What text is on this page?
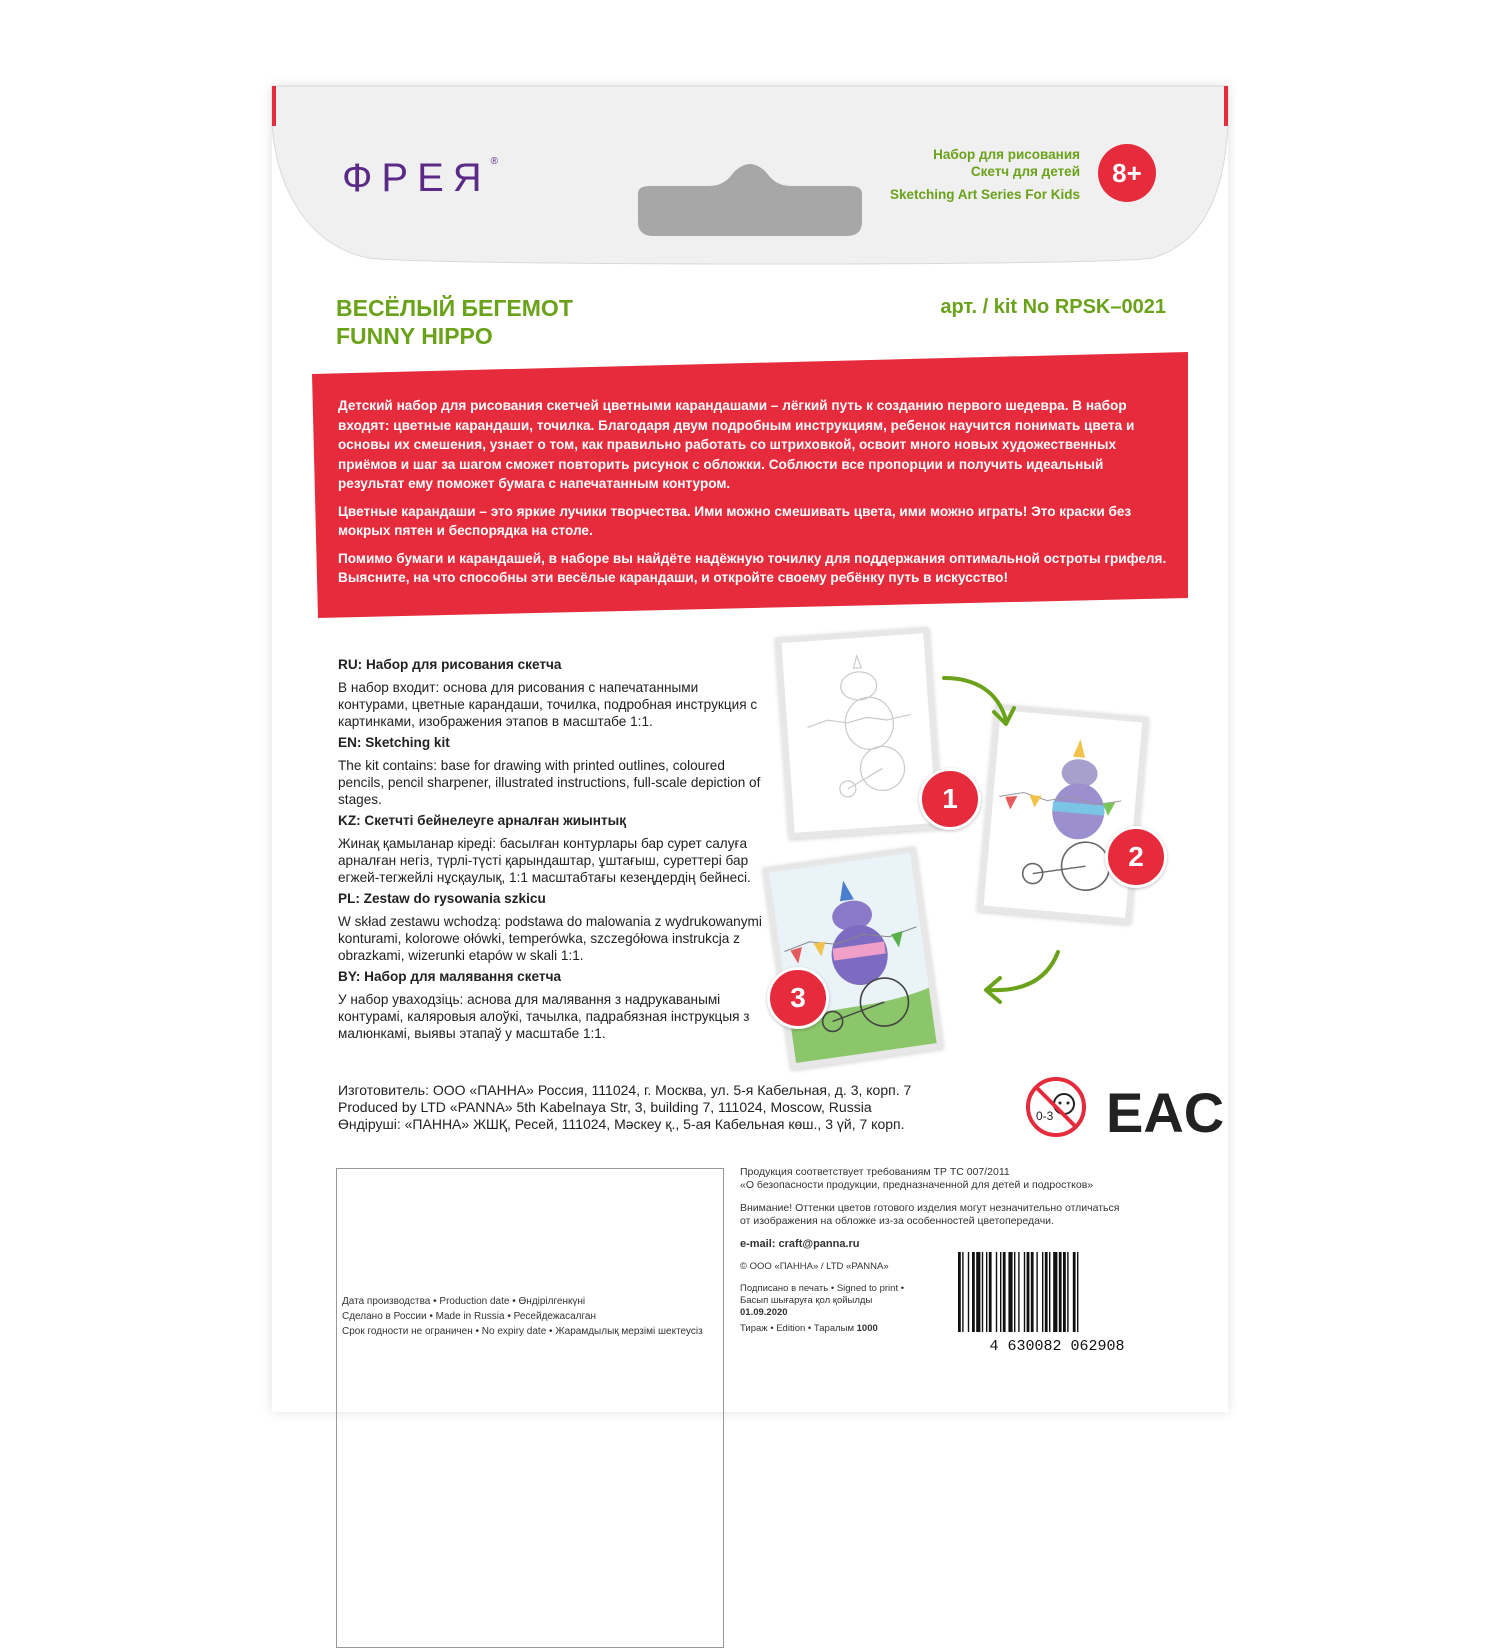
ФРЕЯ®	Набор для рисования
Скетч для детей
Sketching Art Series For Kids
8+
ВЕСЁЛЫЙ БЕГЕМОТ
FUNNY HIPPO
арт. / kit No RPSK–0021

Детский набор для рисования скетчей цветными карандашами – лёгкий путь к созданию первого шедевра. В набор входят: цветные карандаши, точилка. Благодаря двум подробным инструкциям, ребенок научится понимать цвета и основы их смешения, узнает о том, как правильно работать со штриховкой, освоит много новых художественных приёмов и шаг за шагом сможет повторить рисунок с обложки. Соблюсти все пропорции и получить идеальный результат ему поможет бумага с напечатанным контуром.

Цветные карандаши – это яркие лучики творчества. Ими можно смешивать цвета, ими можно играть! Это краски без мокрых пятен и беспорядка на столе.

Помимо бумаги и карандашей, в наборе вы найдёте надёжную точилку для поддержания оптимальной остроты грифеля. Выясните, на что способны эти весёлые карандаши, и откройте своему ребёнку путь в искусство!

RU: Набор для рисования скетча

В набор входит: основа для рисования с напечатанными контурами, цветные карандаши, точилка, подробная инструкция с картинками, изображения этапов в масштабе 1:1.

EN: Sketching kit

The kit contains: base for drawing with printed outlines, coloured pencils, pencil sharpener, illustrated instructions, full-scale depiction of stages.

KZ: Скетчті бейнелеуге арналған жиынтық

Жинақ қамыланар кіреді: басылған контурлары бар сурет салуға арналған негіз, түрлі-түсті қарындаштар, ұштағыш, суреттері бар егжей-тегжейлі нұсқаулық, 1:1 масштабтағы кезеңдердің бейнесі.

PL: Zestaw do rysowania szkicu

W skład zestawu wchodzą: podstawa do malowania z wydrukowanymi konturami, kolorowe ołówki, temperówka, szczegółowa instrukcja z obrazkami, wizerunki etapów w skali 1:1.

BY: Набор для малявання скетча

У набор уваходзіць: аснова для малявання з надрукаванымі контурамі, каляровыя алоўкі, тачылка, падрабязная інструкцыя з малюнкамі, выявы этапаў у масштабе 1:1.

1
2
3
Изготовитель: ООО «ПАННА» Россия, 111024, г. Москва, ул. 5-я Кабельная, д. 3, корп. 7
Produced by LTD «PANNA» 5th Kabelnaya Str, 3, building 7, 111024, Moscow, Russia
Өндіруші: «ПАННА» ЖШҚ, Ресей, 111024, Мәскеу қ., 5-ая Кабельная көш., 3 үй, 7 корп.	0-3 EAC
Дата производства • Production date • Өндірілгенкүні
Сделано в России • Made in Russia • Ресейдежасалган
Срок годности не ограничен • No expiry date • Жарамдылық мерзімі шектеусіз

Продукция соответствует требованиям ТР ТС 007/2011
«О безопасности продукции, предназначенной для детей и подростков»

Внимание! Оттенки цветов готового изделия могут незначительно отличаться
от изображения на обложке из-за особенностей цветопередачи.

e-mail: craft@panna.ru

© ООО «ПАННА» / LTD «PANNA»

Подписано в печать • Signed to print •
Басып шығаруға қол қойылды
01.09.2020

Тираж • Edition • Таралым 1000

4 630082 062908
